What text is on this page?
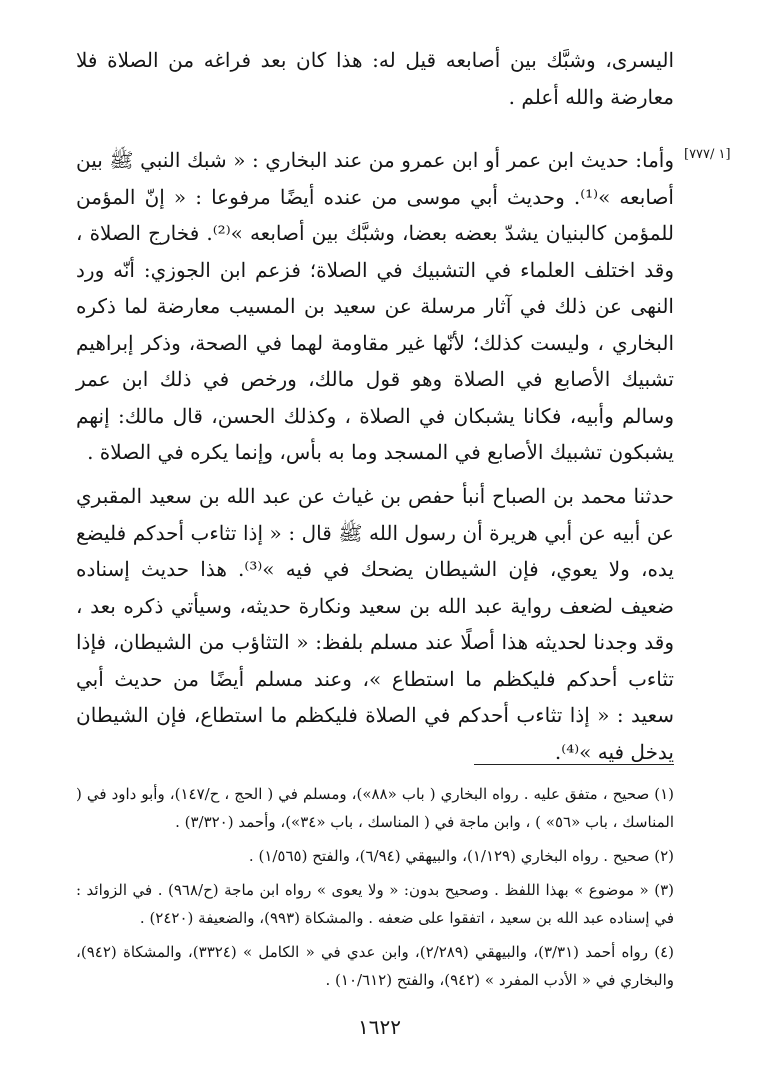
اليسرى، وشبَّك بين أصابعه قيل له: هذا كان بعد فراغه من الصلاة فلا معارضة والله أعلم .

[١ /٧٧٧]

وأما: حديث ابن عمر أو ابن عمرو من عند البخاري : « شبك النبي ﷺ بين أصابعه »⁽¹⁾. وحديث أبي موسى من عنده أيضًا مرفوعا : « إنّ المؤمن للمؤمن كالبنيان يشدّ بعضه بعضا، وشبَّك بين أصابعه »⁽²⁾. فخارج الصلاة ، وقد اختلف العلماء في التشبيك في الصلاة؛ فزعم ابن الجوزي: أنّه ورد النهى عن ذلك في آثار مرسلة عن سعيد بن المسيب معارضة لما ذكره البخاري ، وليست كذلك؛ لأنّها غير مقاومة لهما في الصحة، وذكر إبراهيم تشبيك الأصابع في الصلاة وهو قول مالك، ورخص في ذلك ابن عمر وسالم وأبيه، فكانا يشبكان في الصلاة ، وكذلك الحسن، قال مالك: إنهم يشبكون تشبيك الأصابع في المسجد وما به بأس، وإنما يكره في الصلاة .

حدثنا محمد بن الصباح أنبأ حفص بن غياث عن عبد الله بن سعيد المقبري عن أبيه عن أبي هريرة أن رسول الله ﷺ قال : « إذا تثاءب أحدكم فليضع يده، ولا يعوي، فإن الشيطان يضحك في فيه »⁽³⁾. هذا حديث إسناده ضعيف لضعف رواية عبد الله بن سعيد ونكارة حديثه، وسيأتي ذكره بعد ، وقد وجدنا لحديثه هذا أصلًا عند مسلم بلفظ: « التثاؤب من الشيطان، فإذا تثاءب أحدكم فليكظم ما استطاع »، وعند مسلم أيضًا من حديث أبي سعيد : « إذا تثاءب أحدكم في الصلاة فليكظم ما استطاع، فإن الشيطان يدخل فيه »⁽⁴⁾.

(١) صحيح ، متفق عليه . رواه البخاري ( باب «٨٨»)، ومسلم في ( الحج ، ح/١٤٧)، وأبو داود في ( المناسك ، باب «٥٦» ) ، وابن ماجة في ( المناسك ، باب «٣٤»)، وأحمد (٣/٣٢٠) .

(٢) صحيح . رواه البخاري (١/١٢٩)، والبيهقي (٦/٩٤)، والفتح (١/٥٦٥) .

(٣) « موضوع » بهذا اللفظ . وصحيح بدون: « ولا يعوى » رواه ابن ماجة (ح/٩٦٨) . في الزوائد : في إسناده عبد الله بن سعيد ، اتفقوا على ضعفه . والمشكاة (٩٩٣)، والضعيفة (٢٤٢٠) .

(٤) رواه أحمد (٣/٣١)، والبيهقي (٢/٢٨٩)، وابن عدي في « الكامل » (٣٣٢٤)، والمشكاة (٩٤٢)، والبخاري في « الأدب المفرد » (٩٤٢)، والفتح (١٠/٦١٢) .

١٦٢٢
